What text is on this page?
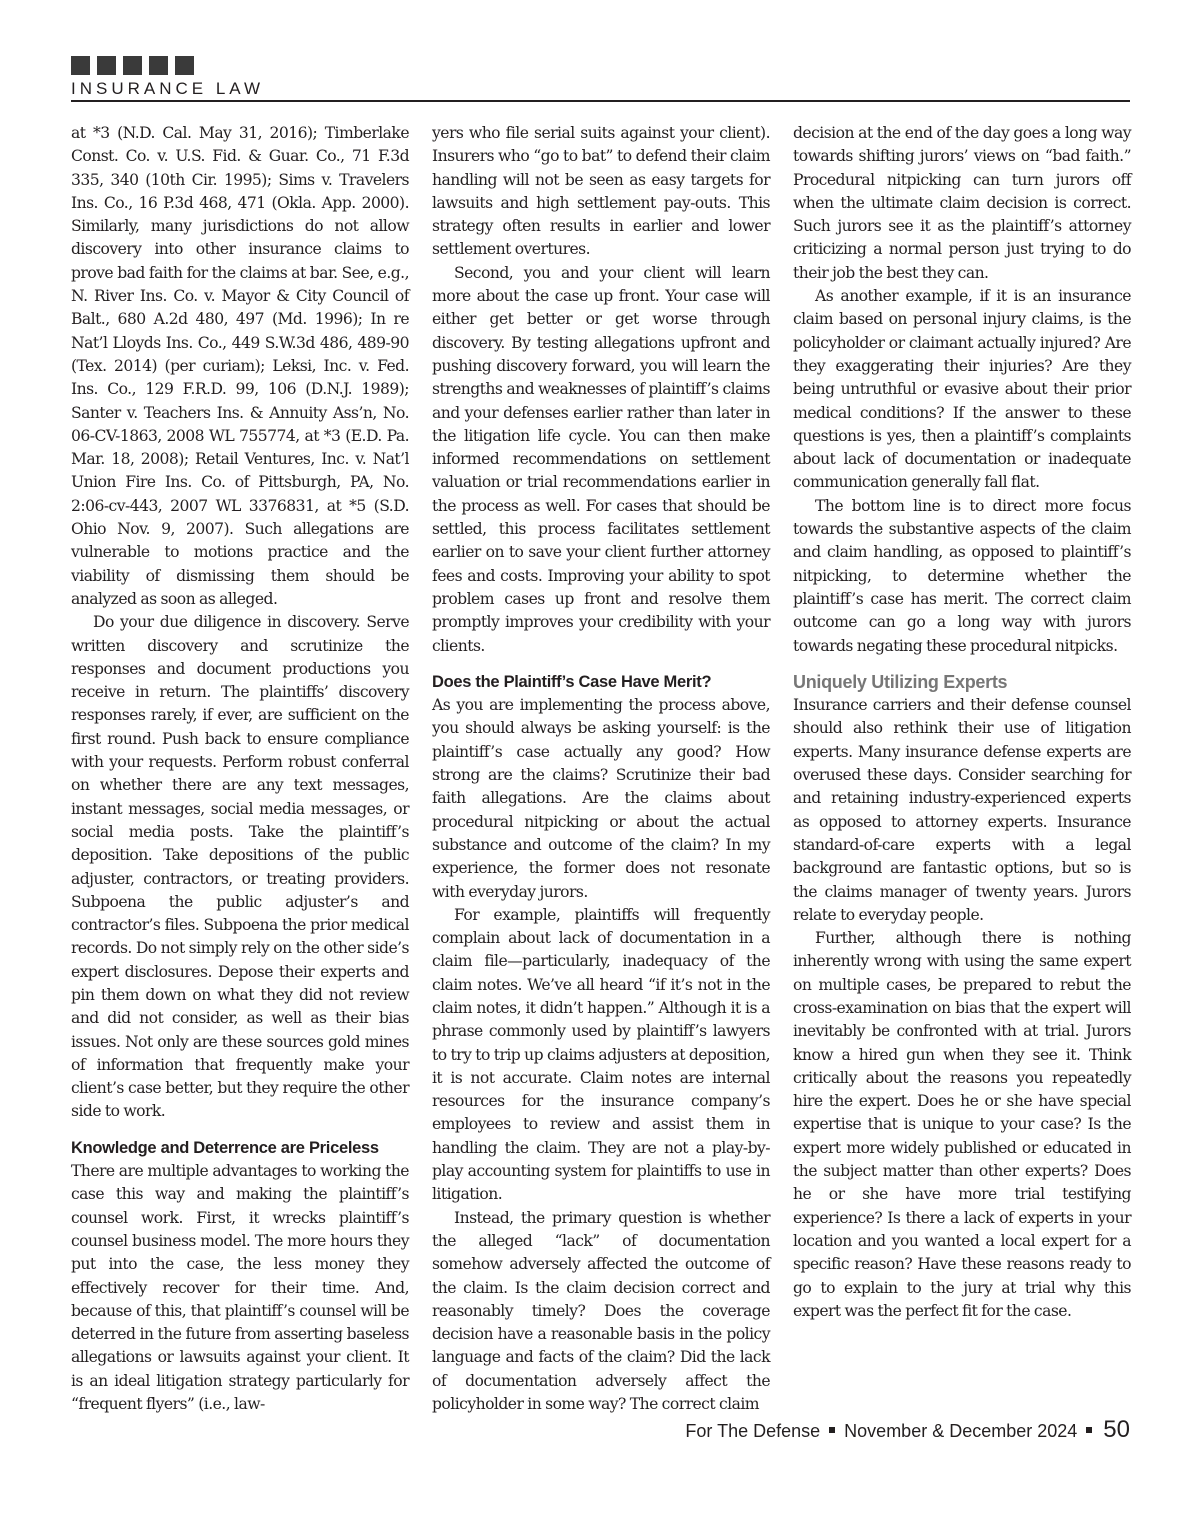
INSURANCE LAW

at *3 (N.D. Cal. May 31, 2016); Timberlake Const. Co. v. U.S. Fid. & Guar. Co., 71 F.3d 335, 340 (10th Cir. 1995); Sims v. Travelers Ins. Co., 16 P.3d 468, 471 (Okla. App. 2000). Similarly, many jurisdictions do not allow discovery into other insurance claims to prove bad faith for the claims at bar. See, e.g., N. River Ins. Co. v. Mayor & City Council of Balt., 680 A.2d 480, 497 (Md. 1996); In re Nat’l Lloyds Ins. Co., 449 S.W.3d 486, 489-90 (Tex. 2014) (per curiam); Leksi, Inc. v. Fed. Ins. Co., 129 F.R.D. 99, 106 (D.N.J. 1989); Santer v. Teachers Ins. & Annuity Ass’n, No. 06-CV-1863, 2008 WL 755774, at *3 (E.D. Pa. Mar. 18, 2008); Retail Ventures, Inc. v. Nat’l Union Fire Ins. Co. of Pittsburgh, PA, No. 2:06-cv-443, 2007 WL 3376831, at *5 (S.D. Ohio Nov. 9, 2007). Such allegations are vulnerable to motions practice and the viability of dismissing them should be analyzed as soon as alleged.

Do your due diligence in discovery. Serve written discovery and scrutinize the responses and document productions you receive in return. The plaintiffs’ discovery responses rarely, if ever, are sufficient on the first round. Push back to ensure compliance with your requests. Perform robust conferral on whether there are any text messages, instant messages, social media messages, or social media posts. Take the plaintiff’s deposition. Take depositions of the public adjuster, contractors, or treating providers. Subpoena the public adjuster’s and contractor’s files. Subpoena the prior medical records. Do not simply rely on the other side’s expert disclosures. Depose their experts and pin them down on what they did not review and did not consider, as well as their bias issues. Not only are these sources gold mines of information that frequently make your client’s case better, but they require the other side to work.

Knowledge and Deterrence are Priceless

There are multiple advantages to working the case this way and making the plaintiff’s counsel work. First, it wrecks plaintiff’s counsel business model. The more hours they put into the case, the less money they effectively recover for their time. And, because of this, that plaintiff’s counsel will be deterred in the future from asserting baseless allegations or lawsuits against your client. It is an ideal litigation strategy particularly for “frequent flyers” (i.e., law-

yers who file serial suits against your client). Insurers who “go to bat” to defend their claim handling will not be seen as easy targets for lawsuits and high settlement pay-outs. This strategy often results in earlier and lower settlement overtures.

Second, you and your client will learn more about the case up front. Your case will either get better or get worse through discovery. By testing allegations upfront and pushing discovery forward, you will learn the strengths and weaknesses of plaintiff’s claims and your defenses earlier rather than later in the litigation life cycle. You can then make informed recommendations on settlement valuation or trial recommendations earlier in the process as well. For cases that should be settled, this process facilitates settlement earlier on to save your client further attorney fees and costs. Improving your ability to spot problem cases up front and resolve them promptly improves your credibility with your clients.

Does the Plaintiff’s Case Have Merit?

As you are implementing the process above, you should always be asking yourself: is the plaintiff’s case actually any good? How strong are the claims? Scrutinize their bad faith allegations. Are the claims about procedural nitpicking or about the actual substance and outcome of the claim? In my experience, the former does not resonate with everyday jurors.

For example, plaintiffs will frequently complain about lack of documentation in a claim file—particularly, inadequacy of the claim notes. We’ve all heard “if it’s not in the claim notes, it didn’t happen.” Although it is a phrase commonly used by plaintiff’s lawyers to try to trip up claims adjusters at deposition, it is not accurate. Claim notes are internal resources for the insurance company’s employees to review and assist them in handling the claim. They are not a play-by-play accounting system for plaintiffs to use in litigation.

Instead, the primary question is whether the alleged “lack” of documentation somehow adversely affected the outcome of the claim. Is the claim decision correct and reasonably timely? Does the coverage decision have a reasonable basis in the policy language and facts of the claim? Did the lack of documentation adversely affect the policyholder in some way? The correct claim

decision at the end of the day goes a long way towards shifting jurors’ views on “bad faith.” Procedural nitpicking can turn jurors off when the ultimate claim decision is correct. Such jurors see it as the plaintiff’s attorney criticizing a normal person just trying to do their job the best they can.

As another example, if it is an insurance claim based on personal injury claims, is the policyholder or claimant actually injured? Are they exaggerating their injuries? Are they being untruthful or evasive about their prior medical conditions? If the answer to these questions is yes, then a plaintiff’s complaints about lack of documentation or inadequate communication generally fall flat.

The bottom line is to direct more focus towards the substantive aspects of the claim and claim handling, as opposed to plaintiff’s nitpicking, to determine whether the plaintiff’s case has merit. The correct claim outcome can go a long way with jurors towards negating these procedural nitpicks.

Uniquely Utilizing Experts

Insurance carriers and their defense counsel should also rethink their use of litigation experts. Many insurance defense experts are overused these days. Consider searching for and retaining industry-experienced experts as opposed to attorney experts. Insurance standard-of-care experts with a legal background are fantastic options, but so is the claims manager of twenty years. Jurors relate to everyday people.

Further, although there is nothing inherently wrong with using the same expert on multiple cases, be prepared to rebut the cross-examination on bias that the expert will inevitably be confronted with at trial. Jurors know a hired gun when they see it. Think critically about the reasons you repeatedly hire the expert. Does he or she have special expertise that is unique to your case? Is the expert more widely published or educated in the subject matter than other experts? Does he or she have more trial testifying experience? Is there a lack of experts in your location and you wanted a local expert for a specific reason? Have these reasons ready to go to explain to the jury at trial why this expert was the perfect fit for the case.

For The Defense November & December 2024 50
